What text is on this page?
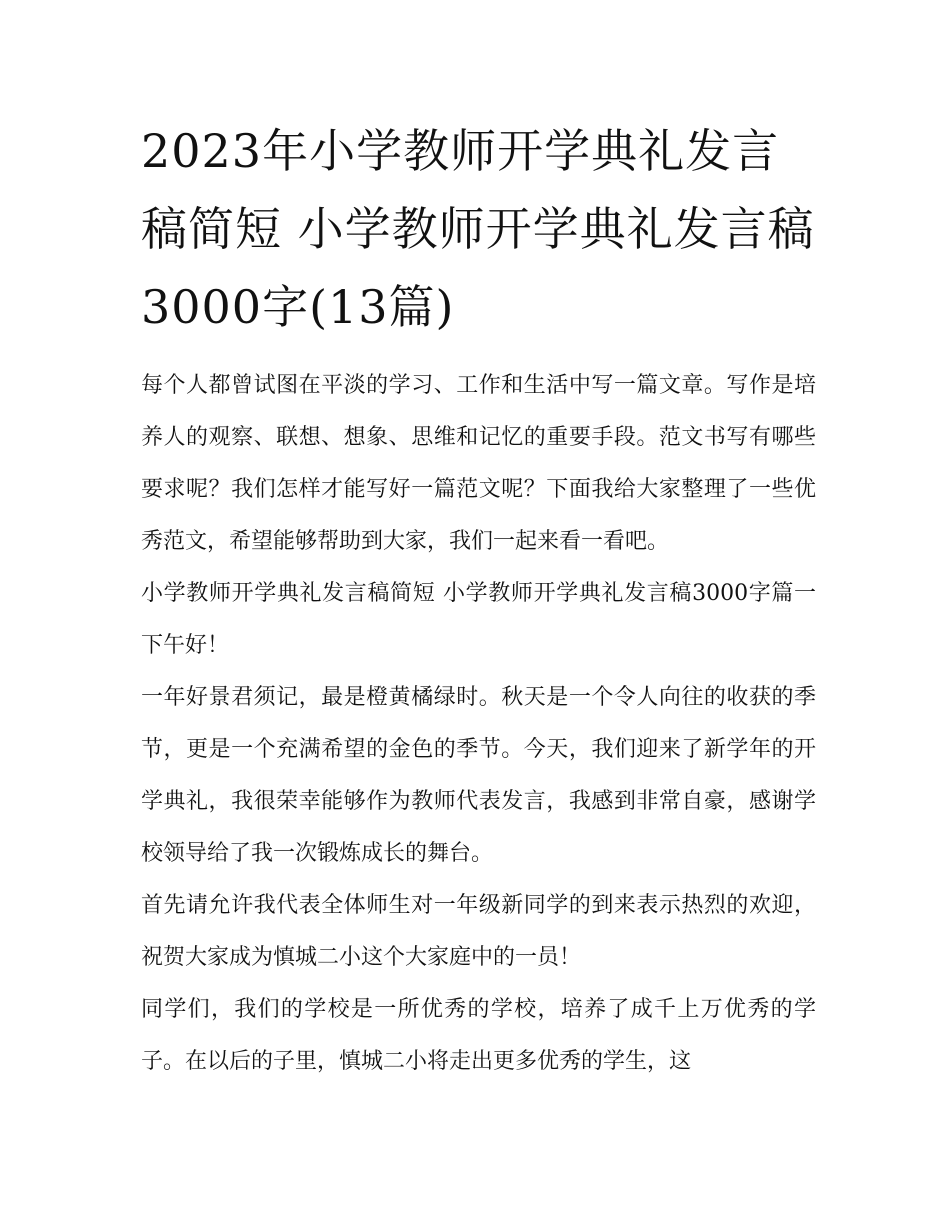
2023年小学教师开学典礼发言稿简短 小学教师开学典礼发言稿3000字(13篇)

每个人都曾试图在平淡的学习、工作和生活中写一篇文章。写作是培养人的观察、联想、想象、思维和记忆的重要手段。范文书写有哪些要求呢？我们怎样才能写好一篇范文呢？下面我给大家整理了一些优秀范文，希望能够帮助到大家，我们一起来看一看吧。

小学教师开学典礼发言稿简短 小学教师开学典礼发言稿3000字篇一 下午好！

一年好景君须记，最是橙黄橘绿时。秋天是一个令人向往的收获的季节，更是一个充满希望的金色的季节。今天，我们迎来了新学年的开学典礼，我很荣幸能够作为教师代表发言，我感到非常自豪，感谢学校领导给了我一次锻炼成长的舞台。

首先请允许我代表全体师生对一年级新同学的到来表示热烈的欢迎，祝贺大家成为慎城二小这个大家庭中的一员！

同学们，我们的学校是一所优秀的学校，培养了成千上万优秀的学子。在以后的子里，慎城二小将走出更多优秀的学生，这
